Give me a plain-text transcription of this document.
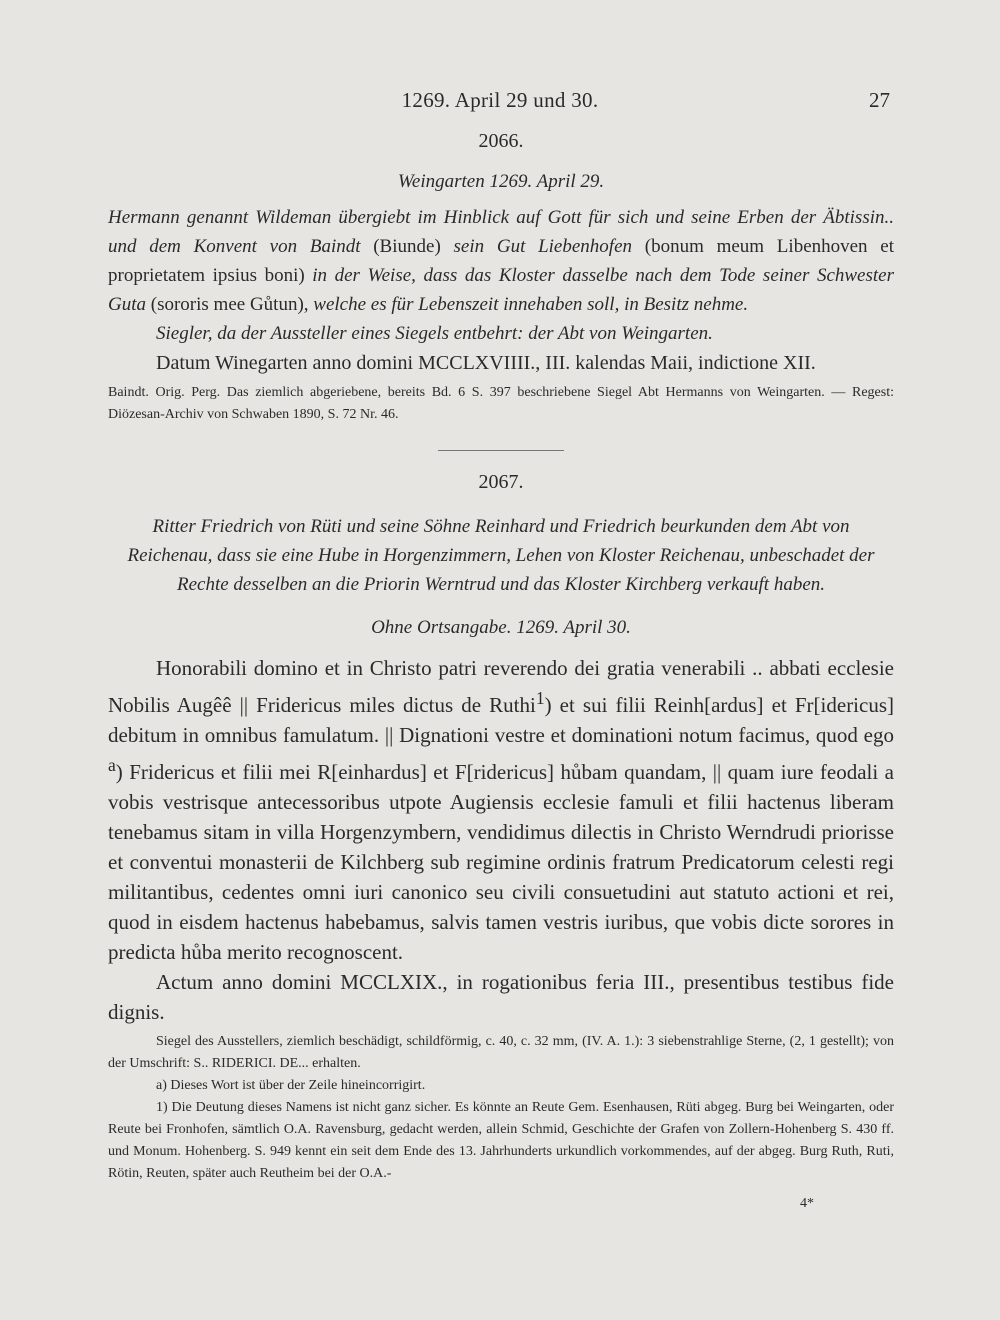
1269. April 29 und 30.	27
2066.
Weingarten 1269. April 29.

Hermann genannt Wildeman übergiebt im Hinblick auf Gott für sich und seine Erben der Äbtissin.. und dem Konvent von Baindt (Biunde) sein Gut Liebenhofen (bonum meum Libenhoven et proprietatem ipsius boni) in der Weise, dass das Kloster dasselbe nach dem Tode seiner Schwester Guta (sororis mee Gůtun), welche es für Lebenszeit innehaben soll, in Besitz nehme.

Siegler, da der Aussteller eines Siegels entbehrt: der Abt von Weingarten.

Datum Winegarten anno domini MCCLXVIIII., III. kalendas Maii, indictione XII.

Baindt. Orig. Perg. Das ziemlich abgeriebene, bereits Bd. 6 S. 397 beschriebene Siegel Abt Hermanns von Weingarten. — Regest: Diözesan-Archiv von Schwaben 1890, S. 72 Nr. 46.

2067.

Ritter Friedrich von Rüti und seine Söhne Reinhard und Friedrich beurkunden dem Abt von Reichenau, dass sie eine Hube in Horgenzimmern, Lehen von Kloster Reichenau, unbeschadet der Rechte desselben an die Priorin Werntrud und das Kloster Kirchberg verkauft haben.

Ohne Ortsangabe. 1269. April 30.

Honorabili domino et in Christo patri reverendo dei gratia venerabili .. abbati ecclesie Nobilis Augêê || Fridericus miles dictus de Ruthi$^1$) et sui filii Reinh[ardus] et Fr[idericus] debitum in omnibus famulatum. || Dignationi vestre et dominationi notum facimus, quod ego $^a$) Fridericus et filii mei R[einhardus] et F[ridericus] hůbam quandam, || quam iure feodali a vobis vestrisque antecessoribus utpote Augiensis ecclesie famuli et filii hactenus liberam tenebamus sitam in villa Horgenzymbern, vendidimus dilectis in Christo Werndrudi priorisse et conventui monasterii de Kilchberg sub regimine ordinis fratrum Predicatorum celesti regi militantibus, cedentes omni iuri canonico seu civili consuetudini aut statuto actioni et rei, quod in eisdem hactenus habebamus, salvis tamen vestris iuribus, que vobis dicte sorores in predicta hůba merito recognoscent.

Actum anno domini MCCLXIX., in rogationibus feria III., presentibus testibus fide dignis.

Siegel des Ausstellers, ziemlich beschädigt, schildförmig, c. 40, c. 32 mm, (IV. A. 1.): 3 siebenstrahlige Sterne, (2, 1 gestellt); von der Umschrift: S.. RIDERICI. DE... erhalten.

a) Dieses Wort ist über der Zeile hineincorrigirt.

1) Die Deutung dieses Namens ist nicht ganz sicher. Es könnte an Reute Gem. Esenhausen, Rüti abgeg. Burg bei Weingarten, oder Reute bei Fronhofen, sämtlich O.A. Ravensburg, gedacht werden, allein Schmid, Geschichte der Grafen von Zollern-Hohenberg S. 430 ff. und Monum. Hohenberg. S. 949 kennt ein seit dem Ende des 13. Jahrhunderts urkundlich vorkommendes, auf der abgeg. Burg Ruth, Ruti, Rötin, Reuten, später auch Reutheim bei der O.A.-

4*
